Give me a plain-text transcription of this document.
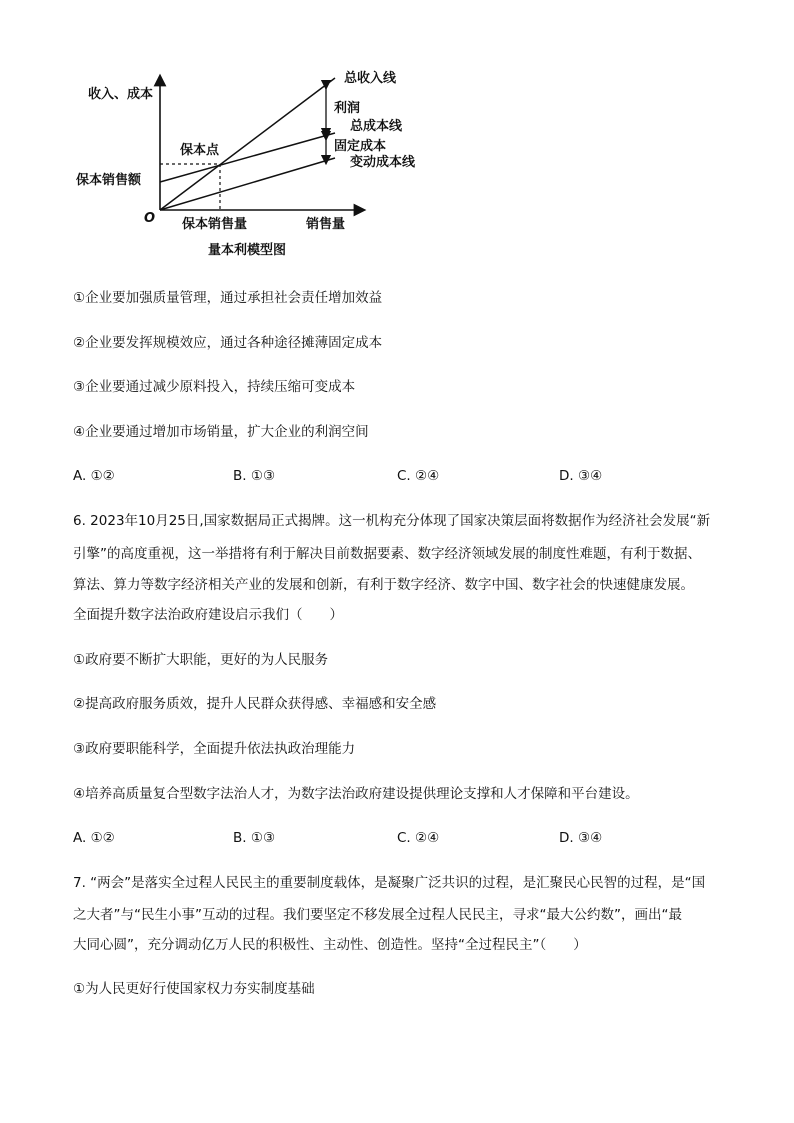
收入、成本
O
保本点
保本销售额
保本销售量	销售量
量本利模型图
总收入线
利润
总成本线
固定成本
变动成本线
①企业要加强质量管理，通过承担社会责任增加效益
②企业要发挥规模效应，通过各种途径摊薄固定成本
③企业要通过减少原料投入，持续压缩可变成本
④企业要通过增加市场销量，扩大企业的利润空间
A. ①②	B. ①③	C. ②④	D. ③④
6. 2023年10月25日,国家数据局正式揭牌。这一机构充分体现了国家决策层面将数据作为经济社会发展“新
引擎”的高度重视，这一举措将有利于解决目前数据要素、数字经济领域发展的制度性难题，有利于数据、
算法、算力等数字经济相关产业的发展和创新，有利于数字经济、数字中国、数字社会的快速健康发展。
全面提升数字法治政府建设启示我们（　　）
①政府要不断扩大职能，更好的为人民服务
②提高政府服务质效，提升人民群众获得感、幸福感和安全感
③政府要职能科学，全面提升依法执政治理能力
④培养高质量复合型数字法治人才，为数字法治政府建设提供理论支撑和人才保障和平台建设。
A. ①②	B. ①③	C. ②④	D. ③④
7. “两会”是落实全过程人民民主的重要制度载体，是凝聚广泛共识的过程，是汇聚民心民智的过程，是“国
之大者”与“民生小事”互动的过程。我们要坚定不移发展全过程人民民主，寻求“最大公约数”，画出“最
大同心圆”，充分调动亿万人民的积极性、主动性、创造性。坚持“全过程民主”（　　）
①为人民更好行使国家权力夯实制度基础
